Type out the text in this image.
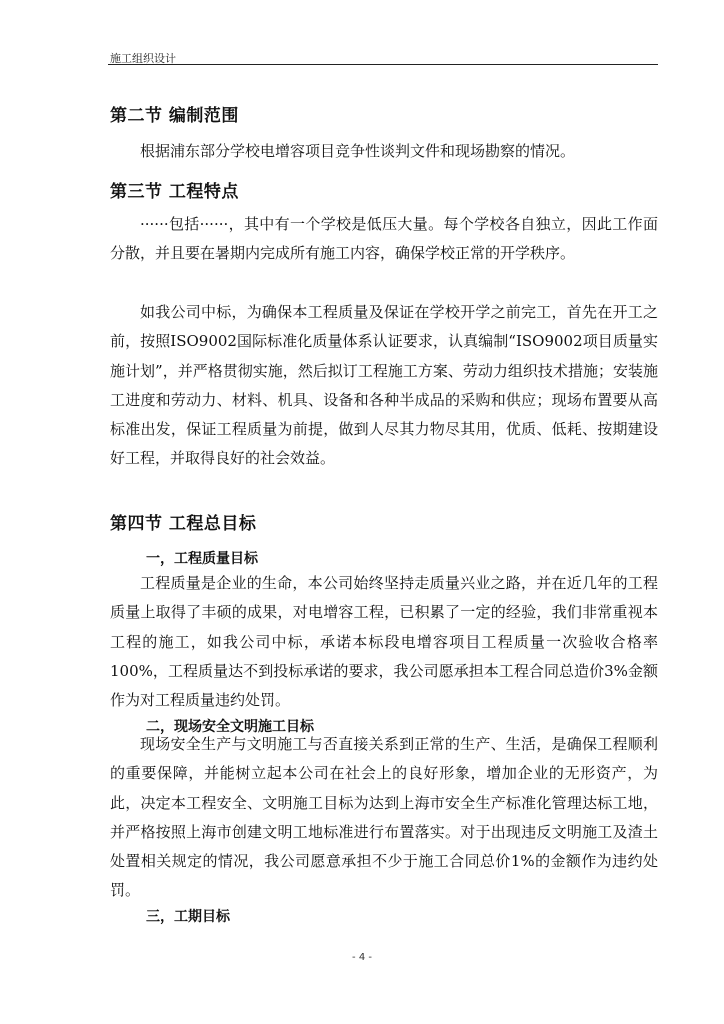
施工组织设计
第二节 编制范围
根据浦东部分学校电增容项目竞争性谈判文件和现场勘察的情况。
第三节 工程特点
······包括······，其中有一个学校是低压大量。每个学校各自独立，因此工作面分散，并且要在暑期内完成所有施工内容，确保学校正常的开学秩序。
如我公司中标，为确保本工程质量及保证在学校开学之前完工，首先在开工之前，按照ISO9002国际标准化质量体系认证要求，认真编制“ISO9002项目质量实施计划”，并严格贯彻实施，然后拟订工程施工方案、劳动力组织技术措施；安装施工进度和劳动力、材料、机具、设备和各种半成品的采购和供应；现场布置要从高标准出发，保证工程质量为前提，做到人尽其力物尽其用，优质、低耗、按期建设好工程，并取得良好的社会效益。
第四节 工程总目标
一，工程质量目标
工程质量是企业的生命，本公司始终坚持走质量兴业之路，并在近几年的工程质量上取得了丰硕的成果，对电增容工程，已积累了一定的经验，我们非常重视本工程的施工，如我公司中标，承诺本标段电增容项目工程质量一次验收合格率100%，工程质量达不到投标承诺的要求，我公司愿承担本工程合同总造价3%金额作为对工程质量违约处罚。
二，现场安全文明施工目标
现场安全生产与文明施工与否直接关系到正常的生产、生活，是确保工程顺利的重要保障，并能树立起本公司在社会上的良好形象，增加企业的无形资产，为此，决定本工程安全、文明施工目标为达到上海市安全生产标准化管理达标工地，并严格按照上海市创建文明工地标准进行布置落实。对于出现违反文明施工及渣土处置相关规定的情况，我公司愿意承担不少于施工合同总价1%的金额作为违约处罚。
三，工期目标
- 4 -
